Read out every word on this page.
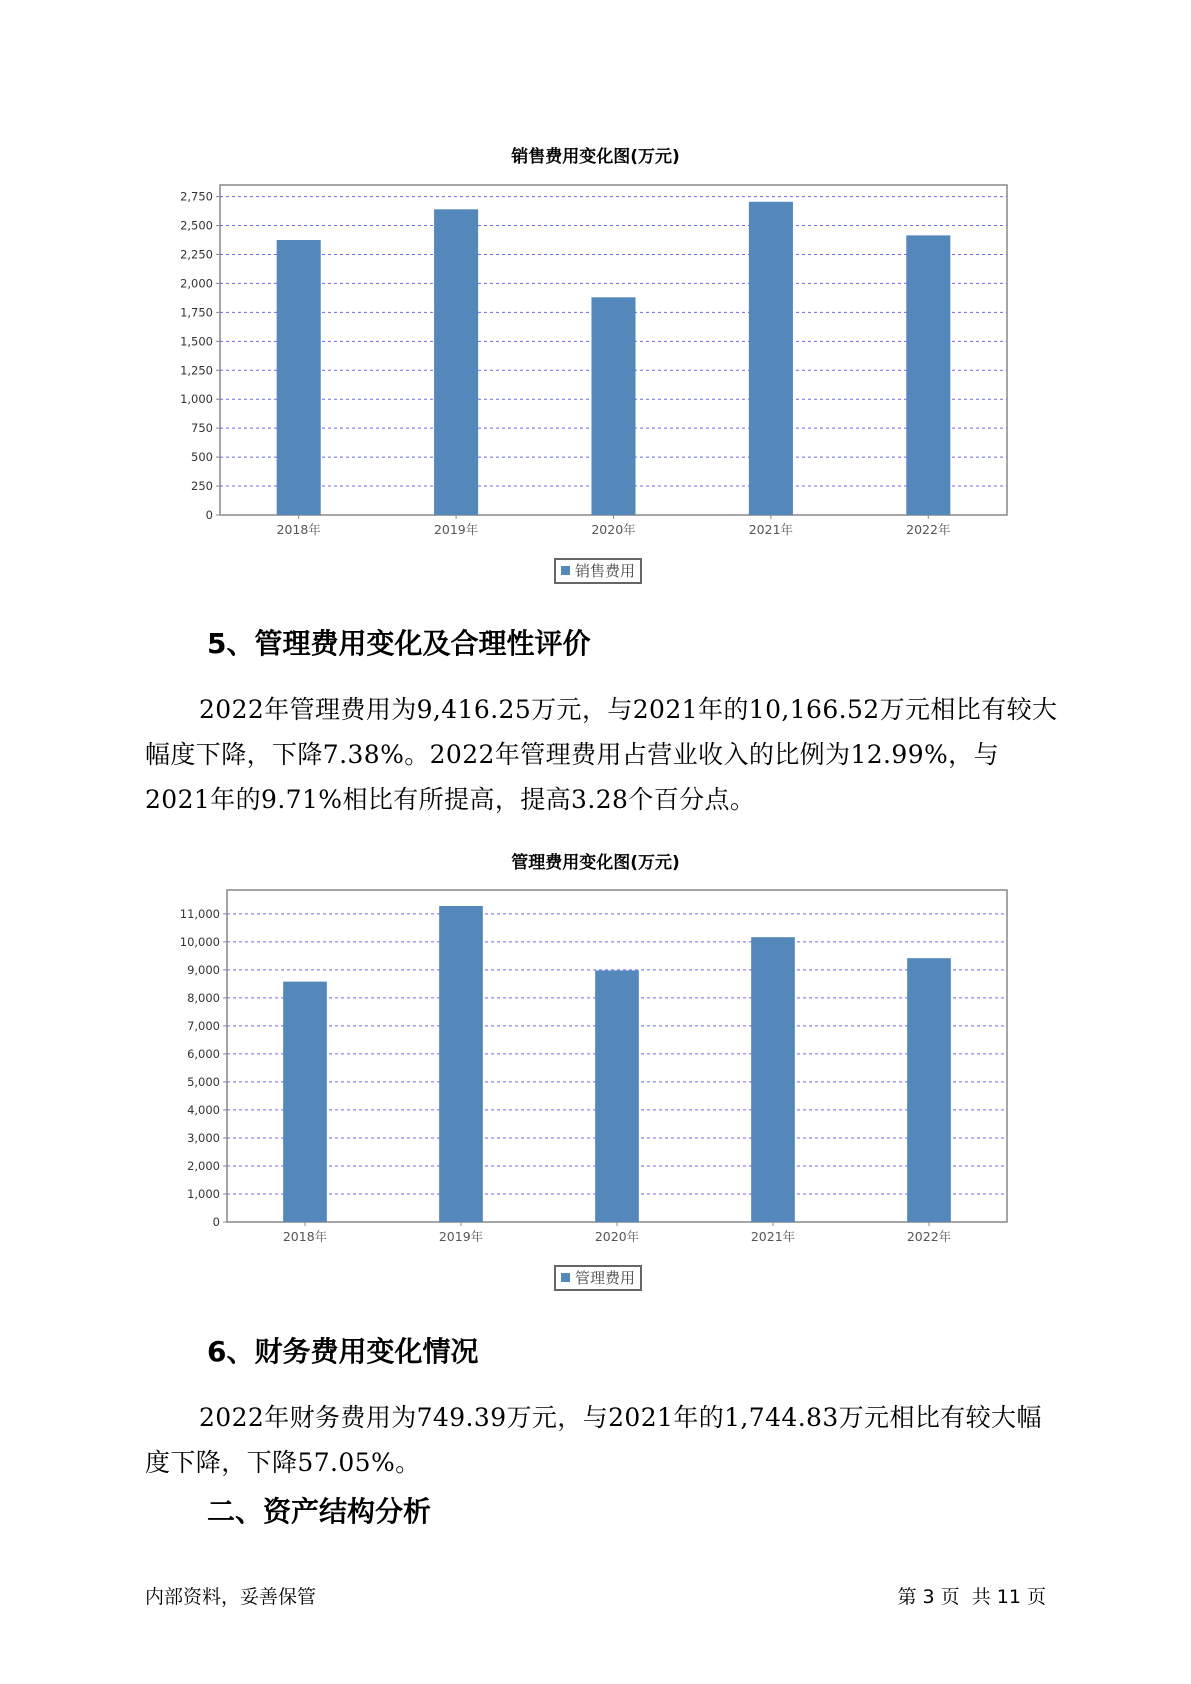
销售费用变化图(万元)
0
250
500
750
1,000
1,250
1,500
1,750
2,000
2,250
2,500
2,750
2018年	2019年	2020年	2021年	2022年
销售费用
5、管理费用变化及合理性评价

2022年管理费用为9,416.25万元，与2021年的10,166.52万元相比有较大幅度下降，下降7.38%。2022年管理费用占营业收入的比例为12.99%，与2021年的9.71%相比有所提高，提高3.28个百分点。

管理费用变化图(万元)
0
1,000
2,000
3,000
4,000
5,000
6,000
7,000
8,000
9,000
10,000
11,000
2018年	2019年	2020年	2021年	2022年
管理费用
6、财务费用变化情况

2022年财务费用为749.39万元，与2021年的1,744.83万元相比有较大幅度下降，下降57.05%。

二、资产结构分析
内部资料，妥善保管	第 3 页  共 11 页
